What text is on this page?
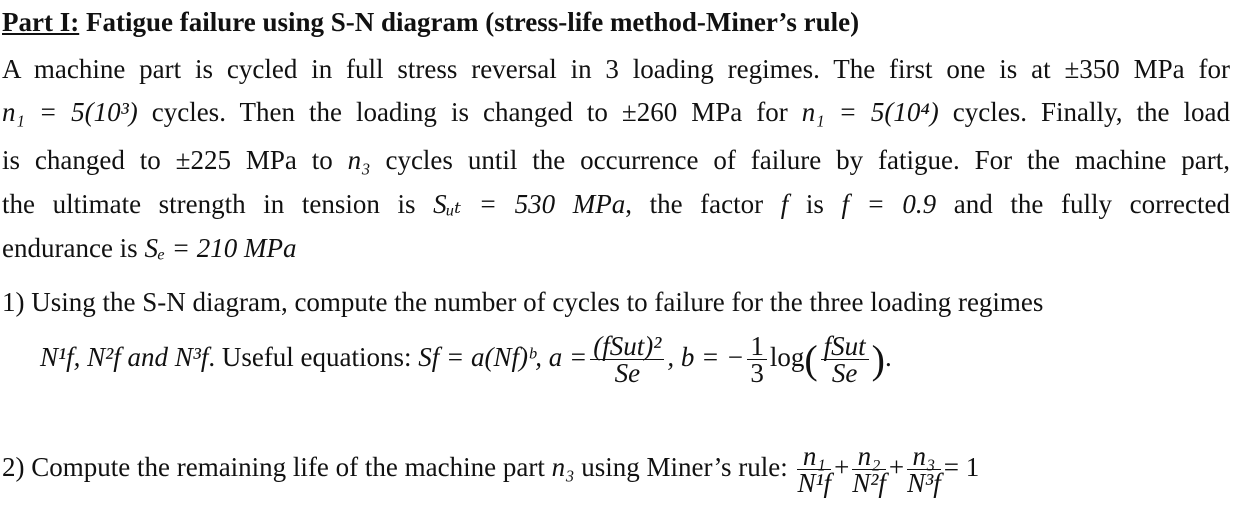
Part I: Fatigue failure using S-N diagram (stress-life method-Miner’s rule)
A machine part is cycled in full stress reversal in 3 loading regimes. The first one is at ±350 MPa for
n₁ = 5(10³) cycles. Then the loading is changed to ±260 MPa for n₁ = 5(10⁴) cycles. Finally, the load
is changed to ±225 MPa to n₃ cycles until the occurrence of failure by fatigue. For the machine part,
the ultimate strength in tension is Sᵤₜ = 530 MPa, the factor f is f = 0.9 and the fully corrected
endurance is Sₑ = 210 MPa
1) Using the S-N diagram, compute the number of cycles to failure for the three loading regimes
N¹f, N²f and N³f. Useful equations: Sf = a(Nf)ᵇ, $a = \frac{\text{(fSut)²}}{Se}$ , b = − $\frac{1}{3} \log( \frac{\text{fSut}}{Se}$ ).
2) Compute the remaining life of the machine part n₃ using Miner’s rule: $\frac{\text{n₁}}{\text{N¹f}} + \frac{\text{n₂}}{\text{N²f}} + \frac{\text{n₃}}{\text{N³f}} = 1$
